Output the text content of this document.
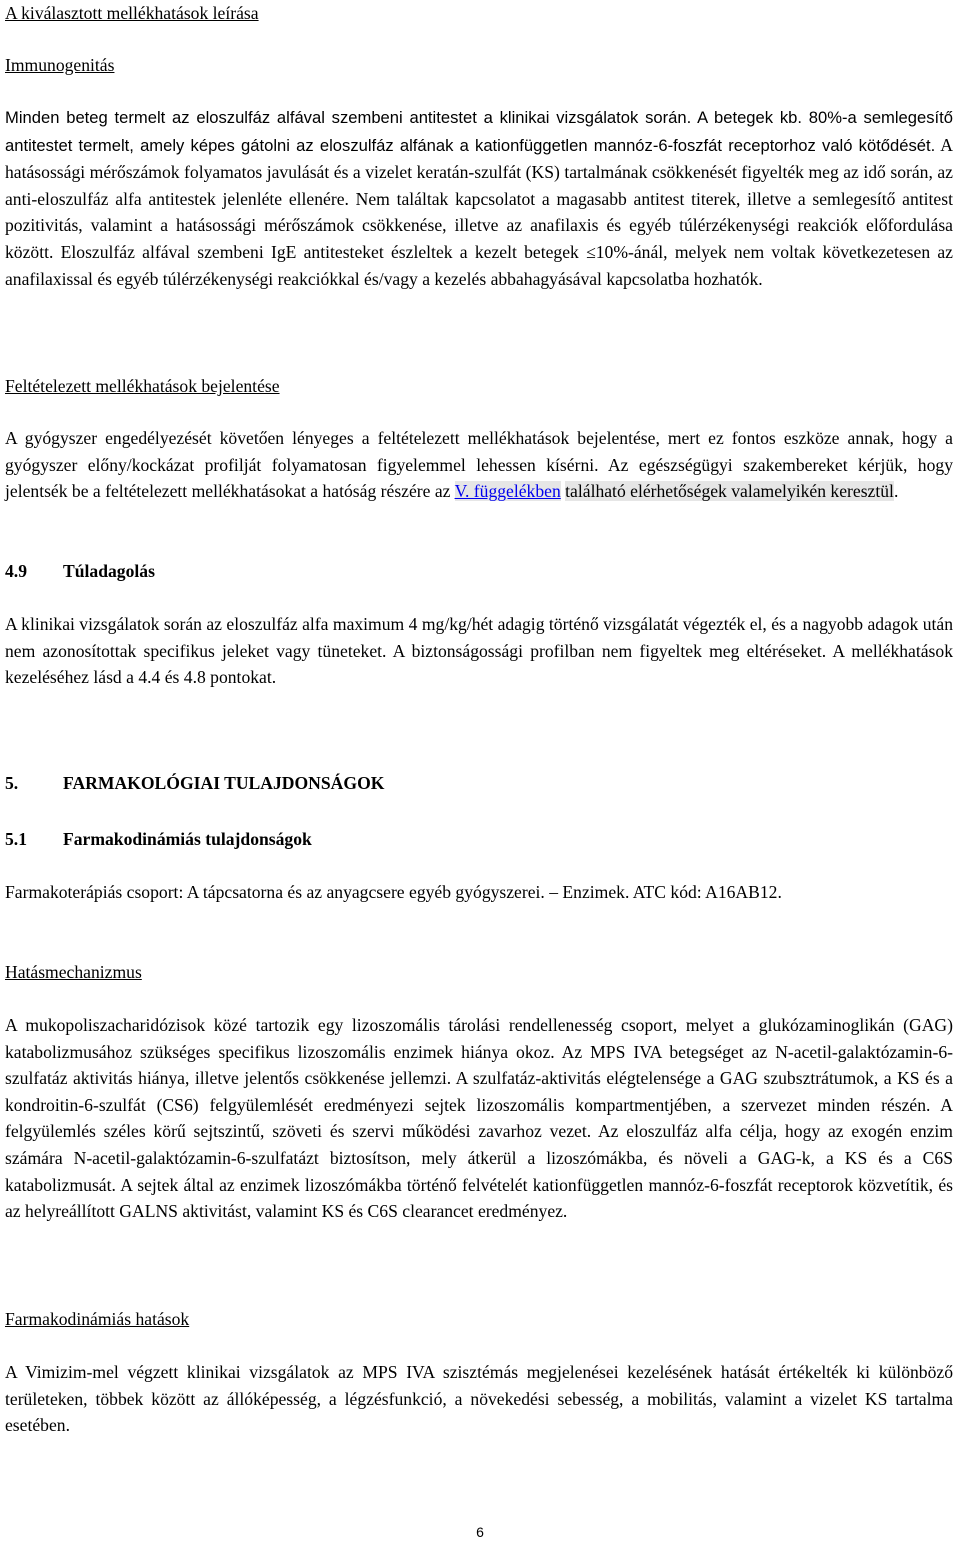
A kiválasztott mellékhatások leírása

Immunogenitás

Minden beteg termelt az eloszulfáz alfával szembeni antitestet a klinikai vizsgálatok során. A betegek kb. 80%-a semlegesítő antitestet termelt, amely képes gátolni az eloszulfáz alfának a kationfüggetlen mannóz-6-foszfát receptorhoz való kötődését. A hatásossági mérőszámok folyamatos javulását és a vizelet keratán-szulfát (KS) tartalmának csökkenését figyelték meg az idő során, az anti-eloszulfáz alfa antitestek jelenléte ellenére. Nem találtak kapcsolatot a magasabb antitest titerek, illetve a semlegesítő antitest pozitivitás, valamint a hatásossági mérőszámok csökkenése, illetve az anafilaxis és egyéb túlérzékenységi reakciók előfordulása között. Eloszulfáz alfával szembeni IgE antitesteket észleltek a kezelt betegek ≤10%-ánál, melyek nem voltak következetesen az anafilaxissal és egyéb túlérzékenységi reakciókkal és/vagy a kezelés abbahagyásával kapcsolatba hozhatók.

Feltételezett mellékhatások bejelentése

A gyógyszer engedélyezését követően lényeges a feltételezett mellékhatások bejelentése, mert ez fontos eszköze annak, hogy a gyógyszer előny/kockázat profilját folyamatosan figyelemmel lehessen kísérni. Az egészségügyi szakembereket kérjük, hogy jelentsék be a feltételezett mellékhatásokat a hatóság részére az V. függelékben található elérhetőségek valamelyikén keresztül.

4.9 Túladagolás

A klinikai vizsgálatok során az eloszulfáz alfa maximum 4 mg/kg/hét adagig történő vizsgálatát végezték el, és a nagyobb adagok után nem azonosítottak specifikus jeleket vagy tüneteket. A biztonságossági profilban nem figyeltek meg eltéréseket. A mellékhatások kezeléséhez lásd a 4.4 és 4.8 pontokat.

5.	FARMAKOLÓGIAI TULAJDONSÁGOK

5.1 Farmakodinámiás tulajdonságok

Farmakoterápiás csoport: A tápcsatorna és az anyagcsere egyéb gyógyszerei. – Enzimek. ATC kód: A16AB12.

Hatásmechanizmus

A mukopoliszacharidózisok közé tartozik egy lizoszomális tárolási rendellenesség csoport, melyet a glukózaminoglikán (GAG) katabolizmusához szükséges specifikus lizoszomális enzimek hiánya okoz. Az MPS IVA betegséget az N-acetil-galaktózamin-6-szulfatáz aktivitás hiánya, illetve jelentős csökkenése jellemzi. A szulfatáz-aktivitás elégtelensége a GAG szubsztrátumok, a KS és a kondroitin-6-szulfát (CS6) felgyülemlését eredményezi sejtek lizoszomális kompartmentjében, a szervezet minden részén. A felgyülemlés széles körű sejtszintű, szöveti és szervi működési zavarhoz vezet. Az eloszulfáz alfa célja, hogy az exogén enzim számára N-acetil-galaktózamin-6-szulfatázt biztosítson, mely átkerül a lizoszómákba, és növeli a GAG-k, a KS és a C6S katabolizmusát. A sejtek által az enzimek lizoszómákba történő felvételét kationfüggetlen mannóz-6-foszfát receptorok közvetítik, és az helyreállított GALNS aktivitást, valamint KS és C6S clearancet eredményez.

Farmakodinámiás hatások

A Vimizim-mel végzett klinikai vizsgálatok az MPS IVA szisztémás megjelenései kezelésének hatását értékelték ki különböző területeken, többek között az állóképesség, a légzésfunkció, a növekedési sebesség, a mobilitás, valamint a vizelet KS tartalma esetében.

6
